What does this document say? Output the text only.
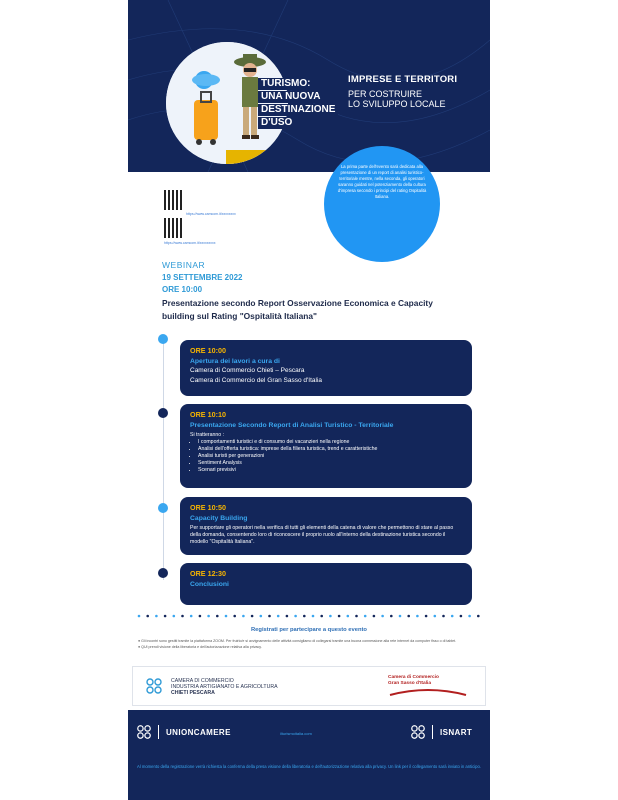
TURISMO:
UNA NUOVA
DESTINAZIONE
D'USO
IMPRESE E TERRITORI
PER COSTRUIRE
LO SVILUPPO LOCALE
La prima parte dell'evento sarà dedicata alla presentazione di un report di analisi turistico-territoriale mentre, nella seconda, gli operatori saranno guidati nel potenziamento della cultura d'impresa secondo i principi del rating Ospitalità Italiana.
https://www.camcom.it/xxxxxxxx
https://www.camcom.it/xxxxxxxxx
WEBINAR
19 SETTEMBRE 2022
ORE 10:00
Presentazione secondo Report Osservazione Economica e Capacity building sul Rating "Ospitalità Italiana"
ORE 10:00
Apertura dei lavori a cura di
Camera di Commercio Chieti – Pescara
Camera di Commercio del Gran Sasso d'Italia
ORE 10:10
Presentazione Secondo Report di Analisi Turistico - Territoriale
Si tratteranno :
• I comportamenti turistici e di consumo dei vacanzieri nella regione
• Analisi dell'offerta turistica: imprese della filiera turistica, trend e caratteristiche
• Analisi turisti per generazioni
• Sentiment Analysis
• Scenari previsivi
ORE 10:50
Capacity Building
Per supportare gli operatori nella verifica di tutti gli elementi della catena di valore che permettono di stare al passo della domanda, consentendo loro di riconoscere il proprio ruolo all'interno della destinazione turistica secondo il modello "Ospitalità Italiana".
ORE 12:30
Conclusioni
Registrati per partecipare a questo evento
● Gli incontri sono gestiti tramite la piattaforma ZOOM. Per fruirlo/e si avvignamento delle attività consigliamo di collegarsi tramite una buona connessione alla rete internet da computer fisso o di tablet.
● QUI prendi visione della liberatoria e dell'autorizzazione relativa alla privacy.
CAMERA DI COMMERCIO
INDUSTRIA ARTIGIANATO E AGRICOLTURA
CHIETI PESCARA
Camera di Commercio
Gran Sasso d'Italia
UNIONCAMERE	ilturismoitalia.com	ISNART
Al momento della registrazione verrà richiesta la conferma della presa visione della liberatoria e dell'autorizzazione relativa alla privacy. Un link per il collegamento sarà inviato in anticipo.
